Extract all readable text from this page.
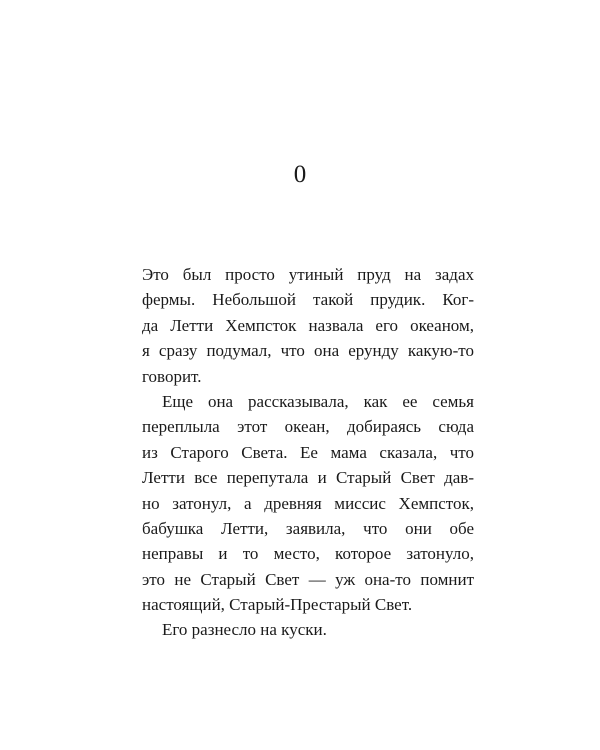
0
Это был просто утиный пруд на задах
фермы. Небольшой такой прудик. Ког-
да Летти Хемпсток назвала его океаном,
я сразу подумал, что она ерунду какую-то
говорит.
Еще она рассказывала, как ее семья
переплыла этот океан, добираясь сюда
из Старого Света. Ее мама сказала, что
Летти все перепутала и Старый Свет дав-
но затонул, а древняя миссис Хемпсток,
бабушка Летти, заявила, что они обе
неправы и то место, которое затонуло,
это не Старый Свет — уж она-то помнит
настоящий, Старый-Престарый Свет.
Его разнесло на куски.
